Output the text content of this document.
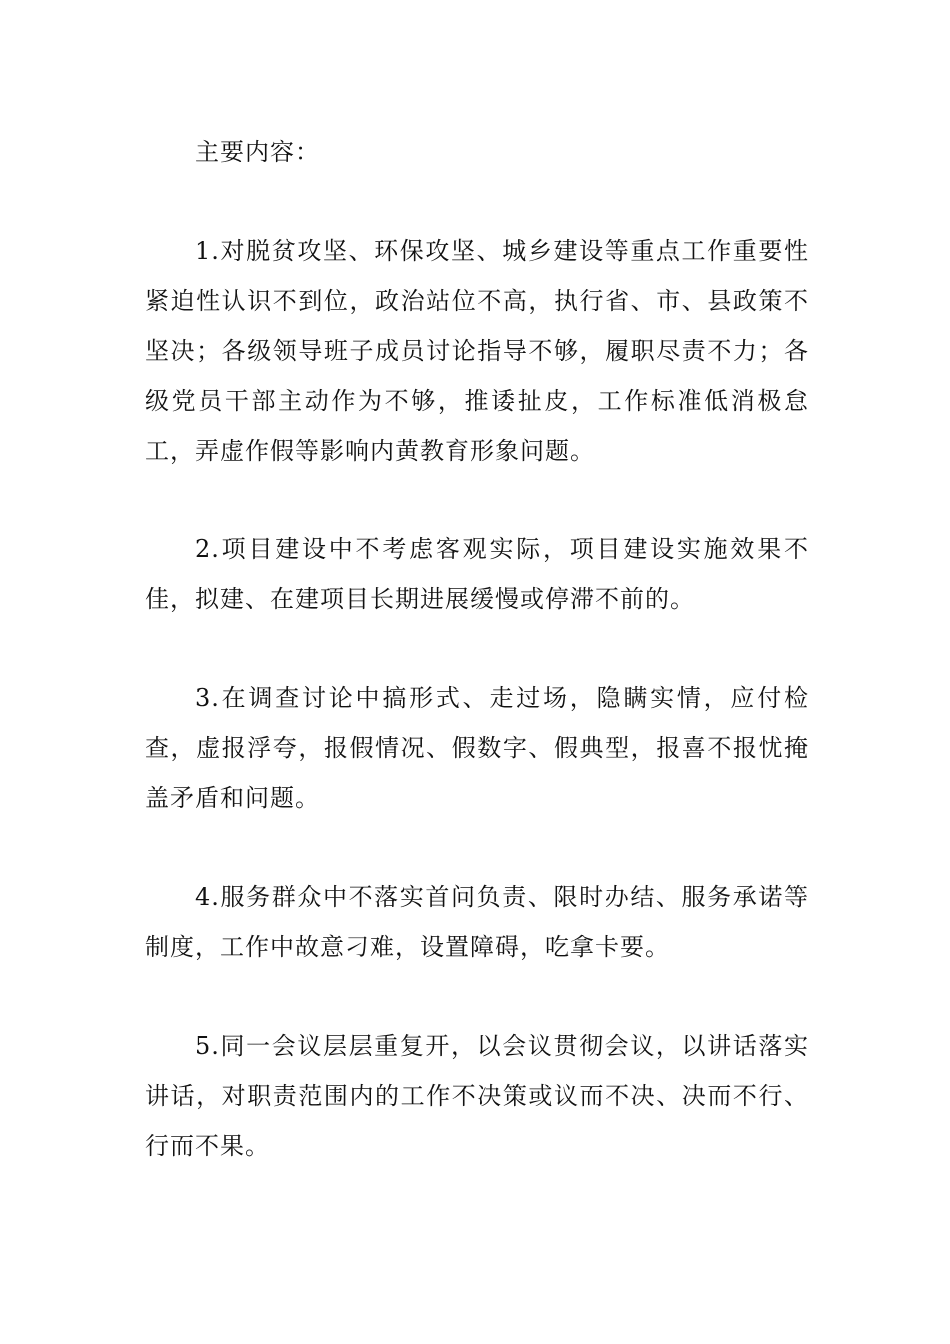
主要内容：

1.对脱贫攻坚、环保攻坚、城乡建设等重点工作重要性紧迫性认识不到位，政治站位不高，执行省、市、县政策不坚决；各级领导班子成员讨论指导不够，履职尽责不力；各级党员干部主动作为不够，推诿扯皮，工作标准低消极怠工，弄虚作假等影响内黄教育形象问题。

2.项目建设中不考虑客观实际，项目建设实施效果不佳，拟建、在建项目长期进展缓慢或停滞不前的。

3.在调查讨论中搞形式、走过场，隐瞒实情，应付检查，虚报浮夸，报假情况、假数字、假典型，报喜不报忧掩盖矛盾和问题。

4.服务群众中不落实首问负责、限时办结、服务承诺等制度，工作中故意刁难，设置障碍，吃拿卡要。

5.同一会议层层重复开，以会议贯彻会议，以讲话落实讲话，对职责范围内的工作不决策或议而不决、决而不行、行而不果。
